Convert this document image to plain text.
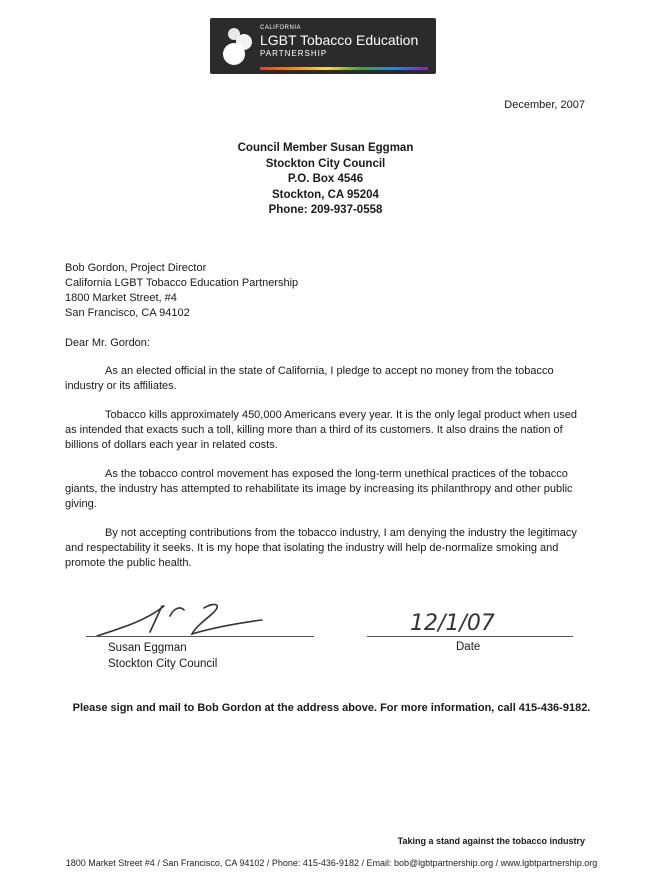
CALIFORNIA
LGBT Tobacco Education
PARTNERSHIP
December, 2007
Council Member Susan Eggman
Stockton City Council
P.O. Box 4546
Stockton, CA 95204
Phone: 209-937-0558
Bob Gordon, Project Director
California LGBT Tobacco Education Partnership
1800 Market Street, #4
San Francisco, CA 94102
Dear Mr. Gordon:

As an elected official in the state of California, I pledge to accept no money from the tobacco industry or its affiliates.

Tobacco kills approximately 450,000 Americans every year. It is the only legal product when used as intended that exacts such a toll, killing more than a third of its customers. It also drains the nation of billions of dollars each year in related costs.

As the tobacco control movement has exposed the long-term unethical practices of the tobacco giants, the industry has attempted to rehabilitate its image by increasing its philanthropy and other public giving.

By not accepting contributions from the tobacco industry, I am denying the industry the legitimacy and respectability it seeks. It is my hope that isolating the industry will help de-normalize smoking and promote the public health.

12/1/07
Susan Eggman
Stockton City Council
Date
Please sign and mail to Bob Gordon at the address above. For more information, call 415-436-9182.
Taking a stand against the tobacco industry
1800 Market Street #4 / San Francisco, CA 94102 / Phone: 415-436-9182 / Email: bob@lgbtpartnership.org / www.lgbtpartnership.org
